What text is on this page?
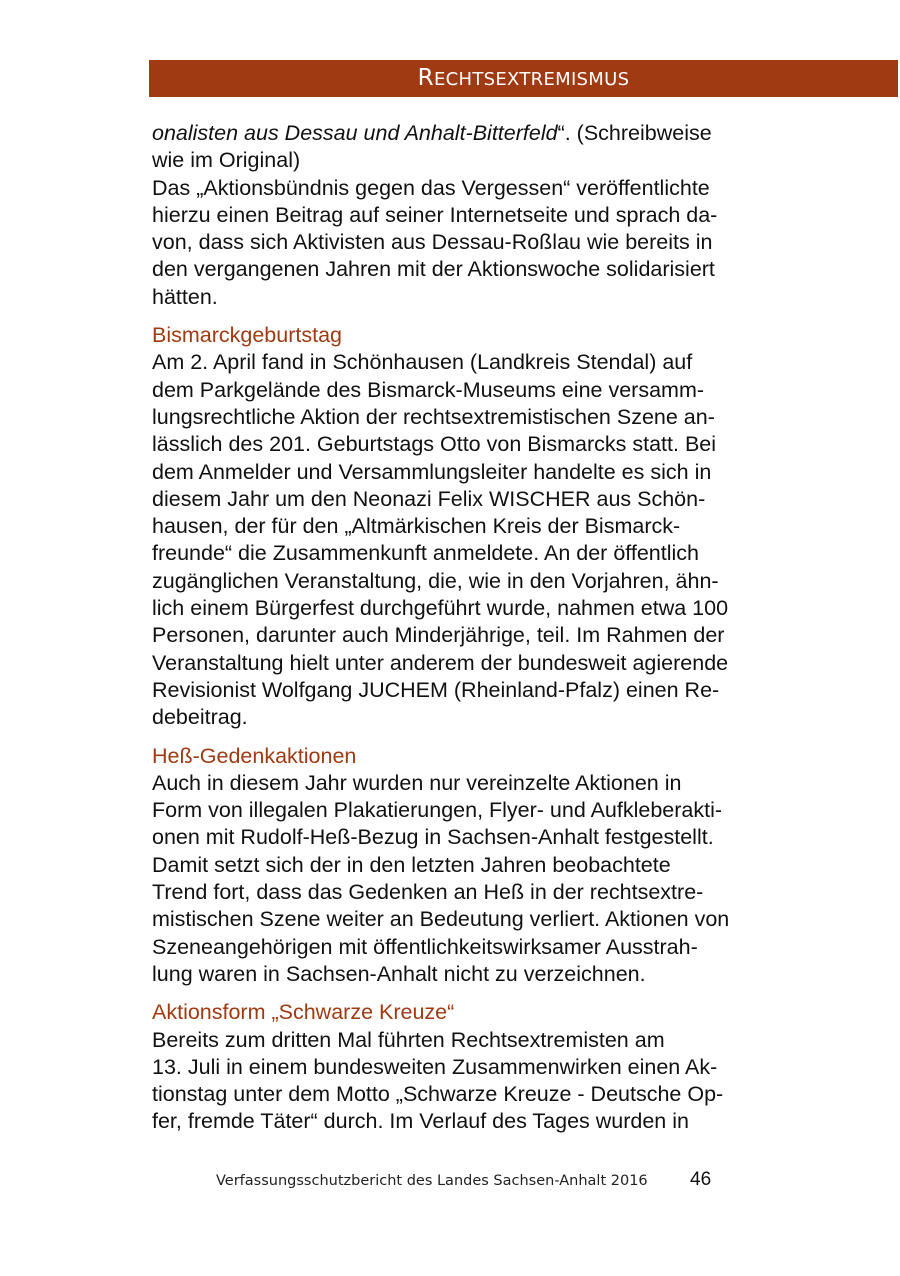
RECHTSEXTREMISMUS

onalisten aus Dessau und Anhalt-Bitterfeld“. (Schreibweise

wie im Original)

Das „Aktionsbündnis gegen das Vergessen“ veröffentlichte

hierzu einen Beitrag auf seiner Internetseite und sprach da-

von, dass sich Aktivisten aus Dessau-Roßlau wie bereits in

den vergangenen Jahren mit der Aktionswoche solidarisiert

hätten.

Bismarckgeburtstag

Am 2. April fand in Schönhausen (Landkreis Stendal) auf

dem Parkgelände des Bismarck-Museums eine versamm-

lungsrechtliche Aktion der rechtsextremistischen Szene an-

lässlich des 201. Geburtstags Otto von Bismarcks statt. Bei

dem Anmelder und Versammlungsleiter handelte es sich in

diesem Jahr um den Neonazi Felix WISCHER aus Schön-

hausen, der für den „Altmärkischen Kreis der Bismarck-

freunde“ die Zusammenkunft anmeldete. An der öffentlich

zugänglichen Veranstaltung, die, wie in den Vorjahren, ähn-

lich einem Bürgerfest durchgeführt wurde, nahmen etwa 100

Personen, darunter auch Minderjährige, teil. Im Rahmen der

Veranstaltung hielt unter anderem der bundesweit agierende

Revisionist Wolfgang JUCHEM (Rheinland-Pfalz) einen Re-

debeitrag.

Heß-Gedenkaktionen

Auch in diesem Jahr wurden nur vereinzelte Aktionen in

Form von illegalen Plakatierungen, Flyer- und Aufkleberakti-

onen mit Rudolf-Heß-Bezug in Sachsen-Anhalt festgestellt.

Damit setzt sich der in den letzten Jahren beobachtete

Trend fort, dass das Gedenken an Heß in der rechtsextre-

mistischen Szene weiter an Bedeutung verliert. Aktionen von

Szeneangehörigen mit öffentlichkeitswirksamer Ausstrah-

lung waren in Sachsen-Anhalt nicht zu verzeichnen.

Aktionsform „Schwarze Kreuze“

Bereits zum dritten Mal führten Rechtsextremisten am

13. Juli in einem bundesweiten Zusammenwirken einen Ak-

tionstag unter dem Motto „Schwarze Kreuze - Deutsche Op-

fer, fremde Täter“ durch. Im Verlauf des Tages wurden in

Verfassungsschutzbericht des Landes Sachsen-Anhalt 2016 46
